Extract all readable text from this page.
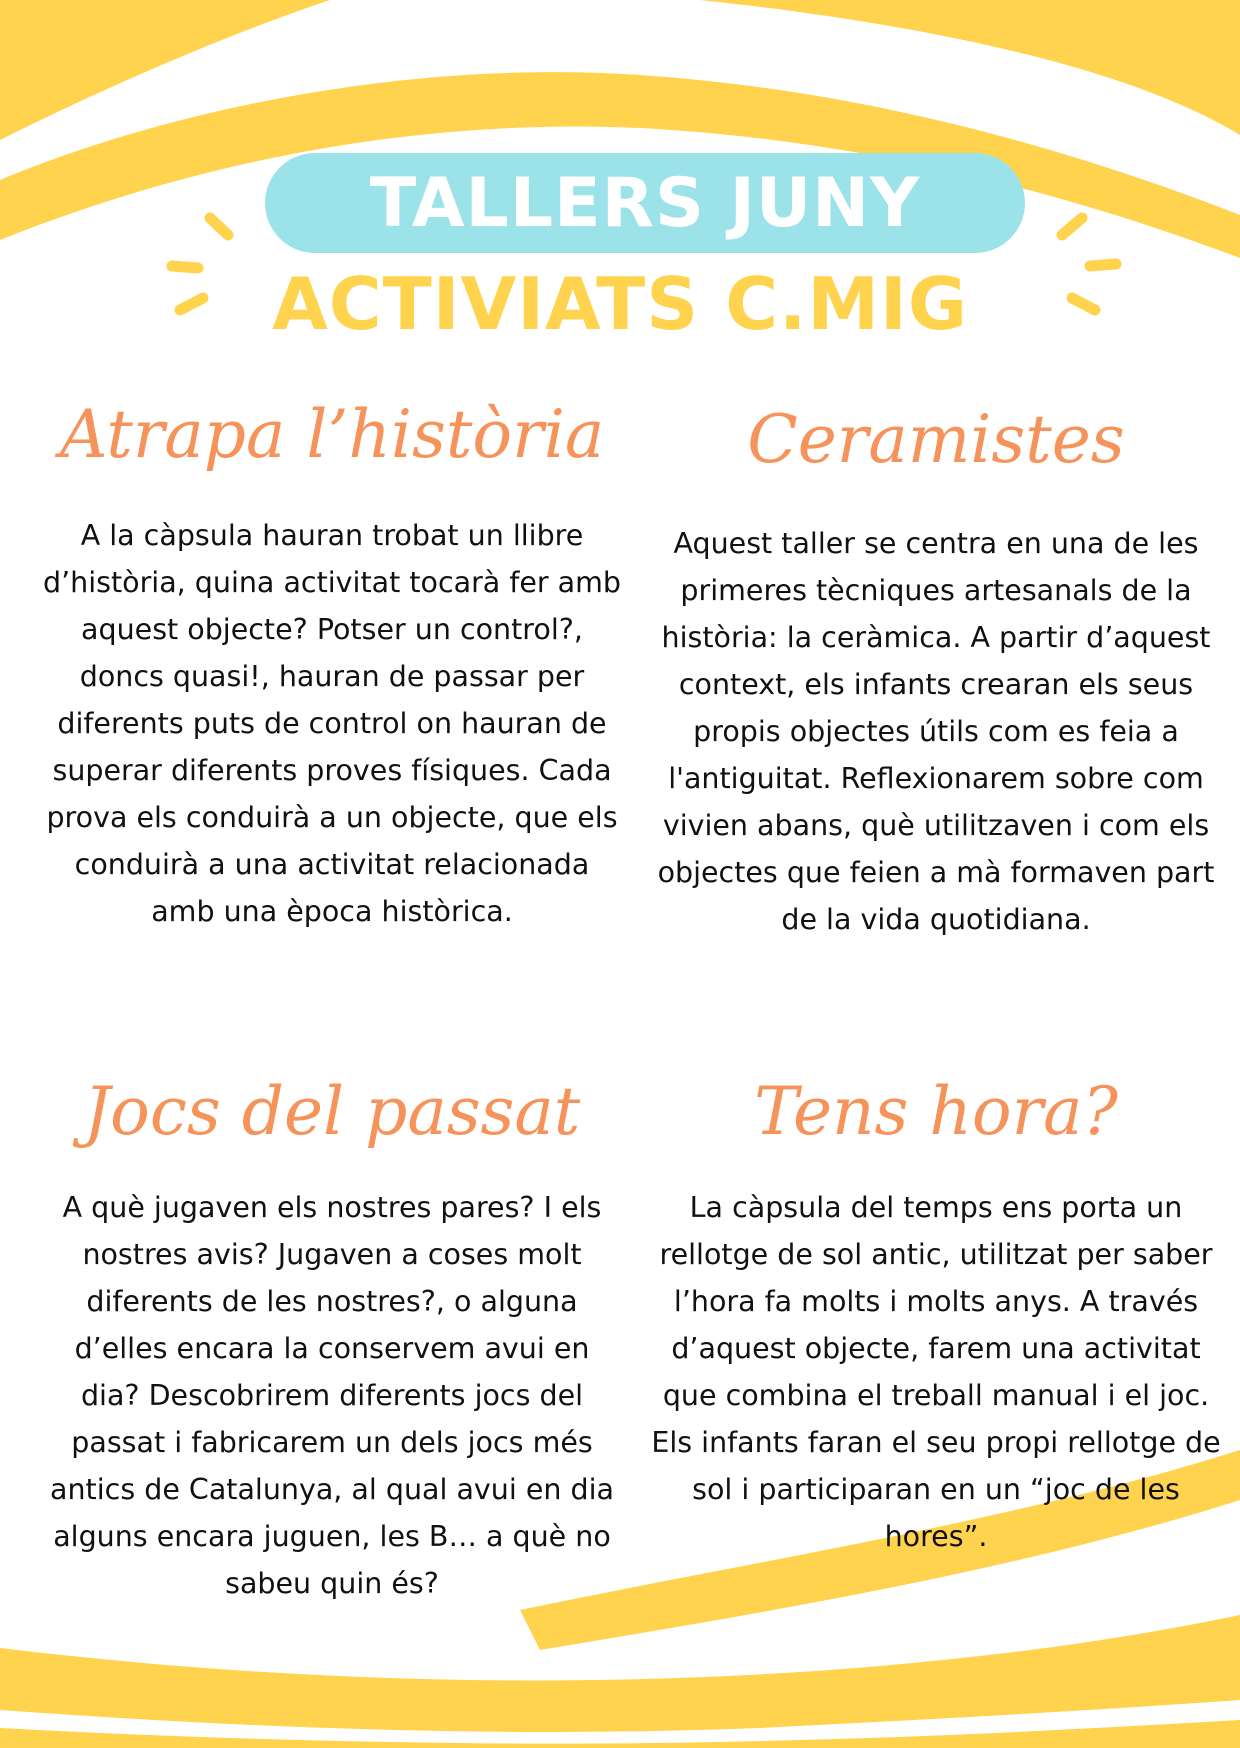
TALLERS JUNY
ACTIVIATS C.MIG
Atrapa l’història
A la càpsula hauran trobat un llibre d’història, quina activitat tocarà fer amb aquest objecte? Potser un control?, doncs quasi!, hauran de passar per diferents puts de control on hauran de superar diferents proves físiques. Cada prova els conduirà a un objecte, que els conduirà a una activitat relacionada amb una època històrica.
Ceramistes
Aquest taller se centra en una de les primeres tècniques artesanals de la història: la ceràmica. A partir d’aquest context, els infants crearan els seus propis objectes útils com es feia a l'antiguitat. Reflexionarem sobre com vivien abans, què utilitzaven i com els objectes que feien a mà formaven part de la vida quotidiana.
Jocs del passat
A què jugaven els nostres pares? I els nostres avis? Jugaven a coses molt diferents de les nostres?, o alguna d’elles encara la conservem avui en dia? Descobrirem diferents jocs del passat i fabricarem un dels jocs més antics de Catalunya, al qual avui en dia alguns encara juguen, les B… a què no sabeu quin és?
Tens hora?
La càpsula del temps ens porta un rellotge de sol antic, utilitzat per saber l’hora fa molts i molts anys. A través d’aquest objecte, farem una activitat que combina el treball manual i el joc. Els infants faran el seu propi rellotge de sol i participaran en un “joc de les hores”.
